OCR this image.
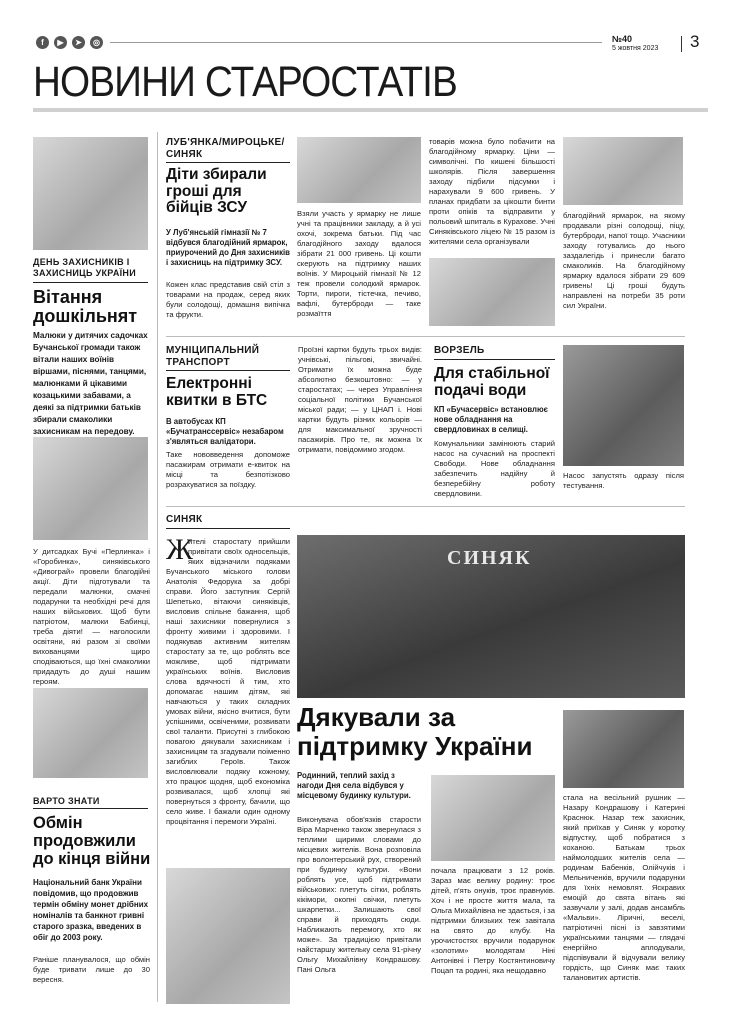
f	▶	➤	◎	№40
5 жовтня 2023 3
НОВИНИ СТАРОСТАТІВ
ДЕНЬ ЗАХИСНИКІВ І ЗАХИСНИЦЬ УКРАЇНИ
Вітання дошкільнят
Малюки у дитячих садочках Бучанської громади також вітали наших воїнів віршами, піснями, танцями, малюнками й цікавими козацькими забавами, а деякі за підтримки батьків збирали смаколики захисникам на передову.
У дитсадках Бучі «Перлинка» і «Горобинка», синяківського «Дивограй» провели благодійні акції. Діти підготували та передали малюнки, смачні подарунки та необхідні речі для наших військових. Щоб бути патріотом, малюки Бабинці, треба діяти! — наголосили освітяни, які разом зі своїми вихованцями щиро сподіваються, що їхні смаколики придадуть до душі нашим героям.
ВАРТО ЗНАТИ
Обмін продовжили до кінця війни
Національний банк України повідомив, що продовжив термін обміну монет дрібних номіналів та банкнот гривні старого зразка, введених в обіг до 2003 року.
Раніше планувалося, що обмін буде тривати лише до 30 вересня.
ЛУБ'ЯНКА/МИРОЦЬКЕ/ СИНЯК
Діти збирали гроші для бійців ЗСУ
У Луб'янській гімназії № 7 відбувся благодійний ярмарок, приурочений до Дня захисників і захисниць на підтримку ЗСУ.
Кожен клас представив свій стіл з товарами на продаж, серед яких були солодощі, домашня випічка та фрукти.
Взяли участь у ярмарку не лише учні та працівники закладу, а й усі охочі, зокрема батьки. Під час благодійного заходу вдалося зібрати 21 000 гривень. Ці кошти скерують на підтримку наших воїнів. У Мироцькій гімназії № 12 теж провели солодкий ярмарок. Торти, пироги, тістечка, печиво, вафлі, бутерброди — таке розмаїття
товарів можна було побачити на благодійному ярмарку. Ціни — символічні. По кишені більшості школярів. Після завершення заходу підбили підсумки і нарахували 9 600 гривень. У планах придбати за цікошти бинти проти опіків та відправити у польовий шпиталь в Курахове. Учні Синяківського ліцею № 15 разом із жителями села організували
благодійний ярмарок, на якому продавали різні солодощі, піцу, бутерброди, напої тощо. Учасники заходу готувались до нього заздалегідь і принесли багато смаколиків. На благодійному ярмарку вдалося зібрати 29 609 гривень! Ці гроші будуть направлені на потреби 35 роти сил України.
МУНІЦИПАЛЬНИЙ ТРАНСПОРТ
Електронні квитки в БТС
В автобусах КП «Бучатранссервіс» незабаром з'являться валідатори.
Таке нововведення допоможе пасажирам отримати е-квиток на місці та безпотізково розрахуватися за поїздку.
Проїзні картки будуть трьох видів: учнівські, пільгові, звичайні. Отримати їх можна буде абсолютно безкоштовно: — у старостатах; — через Управління соціальної політики Бучанської міської ради; — у ЦНАП і. Нові картки будуть різних кольорів — для максимальної зручності пасажирів. Про те, як можна їх отримати, повідомимо згодом.
ВОРЗЕЛЬ
Для стабільної подачі води
КП «Бучасервіс» встановлює нове обладнання на свердловинах в селищі.
Комунальники замінюють старий насос на сучасний на проспекті Свободи. Нове обладнання забезпечить надійну й безперебійну роботу свердловини.
Насос запустять одразу після тестування.
СИНЯК
Ж
ителі старостату прийшли привітати своїх односельців, яких відзначили подяками Бучанського міського голови Анатолія Федорука за добрі справи. Його заступник Сергій Шепетько, вітаючи синяківців, висловив спільне бажання, щоб наші захисники повернулися з фронту живими і здоровими. І подякував активним жителям старостату за те, що роблять все можливе, щоб підтримати українських воїнів. Висловив слова вдячності й тим, хто допомагає нашим дітям, які навчаються у таких складних умовах війни, якісно вчитися, бути успішними, освіченими, розвивати свої таланти. Присутні з глибокою повагою дякували захисникам і захисницям та згадували поіменно загиблих Героїв. Також висловлювали подяку кожному, хто працює щодня, щоб економіка розвивалася, щоб хлопці які повернуться з фронту, бачили, що село живе. І бажали один одному процвітання і перемоги Україні.
СИНЯК
Дякували за підтримку України
Родинний, теплий захід з нагоди Дня села відбувся у місцевому будинку культури.
Виконувача обов'язків старости Віра Марченко також звернулася з теплими щирими словами до місцевих жителів. Вона розповіла про волонтерський рух, створений при будинку культури. «Вони роблять усе, щоб підтримати військових: плетуть сітки, роблять кікімори, окопні свічки, плетуть шкарпетки... Залишають свої справи й приходять сюди. Наближають перемогу, хто як може». За традицією привітали найстаршу жительку села 91-річну Ольгу Михайлівну Кондрашову. Пані Ольга
почала працювати з 12 років. Зараз має велику родину: троє дітей, п'ять онуків, троє правнуків. Хоч і не просте життя мала, та Ольга Михайлівна не здається, і за підтримки близьких теж завітала на свято до клубу. На урочистостях вручили подарунок «золотим» молодятам Ніні Антонівні і Петру Костянтиновичу Поцап та родині, яка нещодавно
стала на весільний рушник — Назару Кондрашову і Катерині Краснюк. Назар теж захисник, який приїхав у Синяк у коротку відпустку, щоб побратися з коханою. Батькам трьох наймолодших жителів села — родинам Бабенків, Олійчуків і Мельниченків, вручили подарунки для їхніх немовлят. Яскравих емоцій до свята вітань які зазвучали у залі, додав ансамбль «Мальви». Ліричні, веселі, патріотичні пісні із завзятими українськими танцями — глядачі енергійно аплодували, підспівували й відчували велику гордість, що Синяк має таких талановитих артистів.
